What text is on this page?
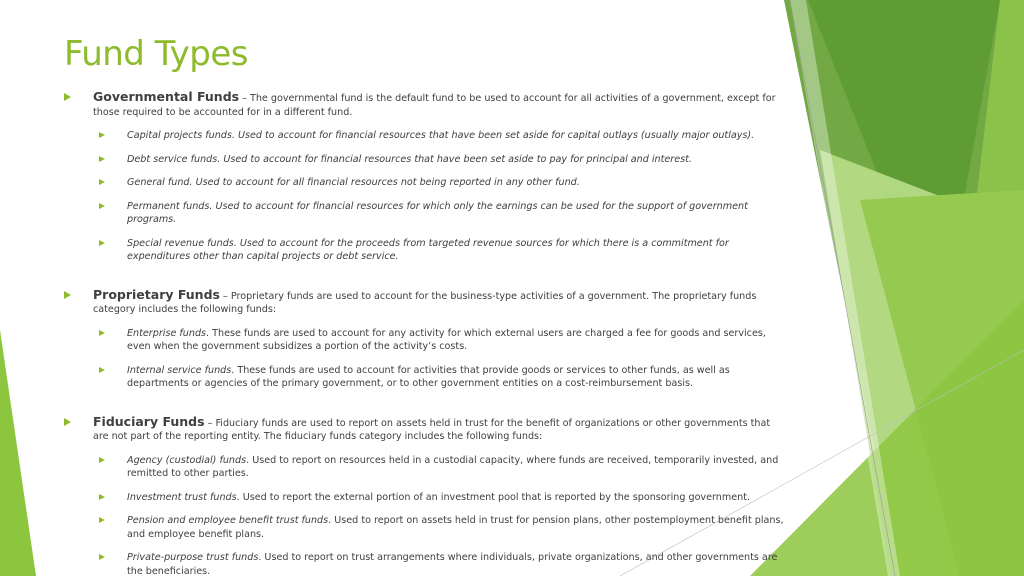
Fund Types
Governmental Funds – The governmental fund is the default fund to be used to account for all activities of a government, except for those required to be accounted for in a different fund.
Capital projects funds. Used to account for financial resources that have been set aside for capital outlays (usually major outlays).
Debt service funds. Used to account for financial resources that have been set aside to pay for principal and interest.
General fund. Used to account for all financial resources not being reported in any other fund.
Permanent funds. Used to account for financial resources for which only the earnings can be used for the support of government programs.
Special revenue funds. Used to account for the proceeds from targeted revenue sources for which there is a commitment for expenditures other than capital projects or debt service.
Proprietary Funds – Proprietary funds are used to account for the business-type activities of a government. The proprietary funds category includes the following funds:
Enterprise funds. These funds are used to account for any activity for which external users are charged a fee for goods and services, even when the government subsidizes a portion of the activity’s costs.
Internal service funds. These funds are used to account for activities that provide goods or services to other funds, as well as departments or agencies of the primary government, or to other government entities on a cost-reimbursement basis.
Fiduciary Funds – Fiduciary funds are used to report on assets held in trust for the benefit of organizations or other governments that are not part of the reporting entity. The fiduciary funds category includes the following funds:
Agency (custodial) funds. Used to report on resources held in a custodial capacity, where funds are received, temporarily invested, and remitted to other parties.
Investment trust funds. Used to report the external portion of an investment pool that is reported by the sponsoring government.
Pension and employee benefit trust funds. Used to report on assets held in trust for pension plans, other postemployment benefit plans, and employee benefit plans.
Private-purpose trust funds. Used to report on trust arrangements where individuals, private organizations, and other governments are the beneficiaries.
